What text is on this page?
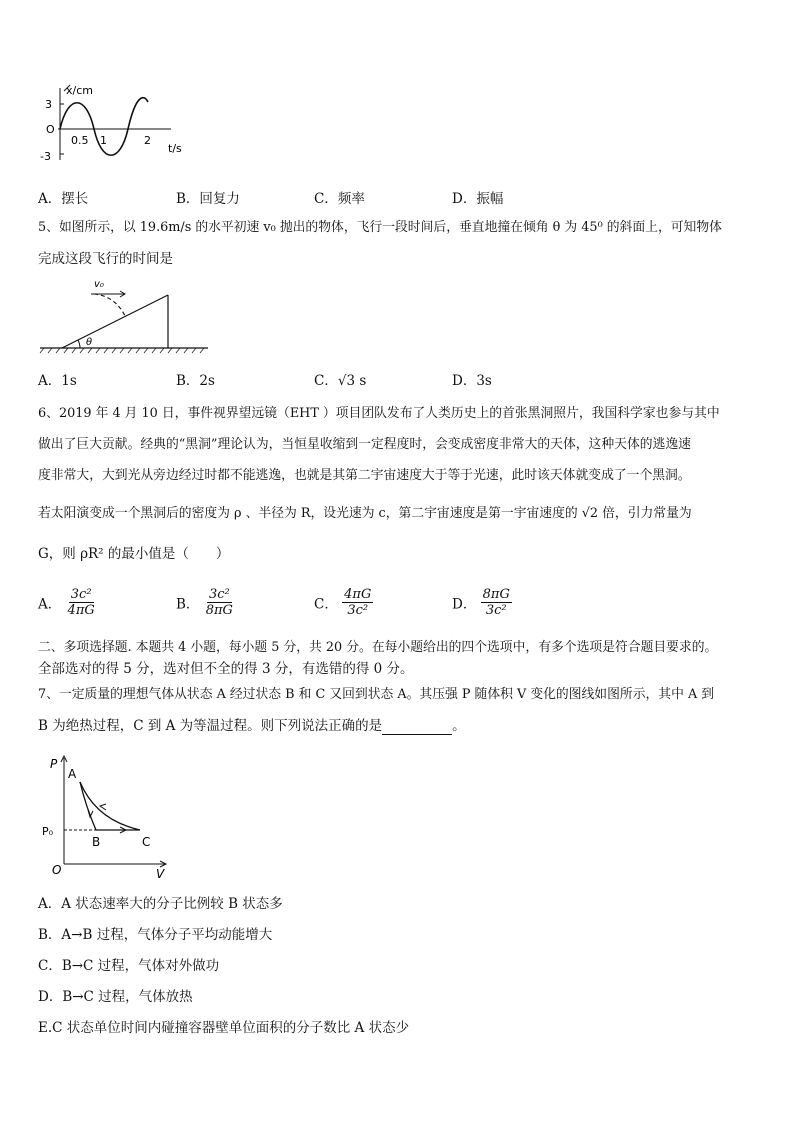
x/cm
3
O
-3
0.5 1	2
t/s
A．摆长	B．回复力	C．频率	D．振幅
5、如图所示，以 19.6m/s 的水平初速 v₀ 抛出的物体，飞行一段时间后，垂直地撞在倾角 θ 为 45⁰ 的斜面上，可知物体
完成这段飞行的时间是
v₀
θ
A．1s	B．2s	C．√3 s	D．3s
6、2019 年 4 月 10 日，事件视界望远镜（EHT ）项目团队发布了人类历史上的首张黑洞照片，我国科学家也参与其中
做出了巨大贡献。经典的“黑洞”理论认为，当恒星收缩到一定程度时，会变成密度非常大的天体，这种天体的逃逸速
度非常大，大到光从旁边经过时都不能逃逸，也就是其第二宇宙速度大于等于光速，此时该天体就变成了一个黑洞。
若太阳演变成一个黑洞后的密度为 ρ 、半径为 R，设光速为 c，第二宇宙速度是第一宇宙速度的 √2 倍，引力常量为
G，则 ρR² 的最小值是（　　）
A． $\frac{\text{3c²}}{4\pi G}$	B． $\frac{\text{3c²}}{8\pi G}$	C． $\frac{4\pi G}{\text{3c²}}$	D． $\frac{8\pi G}{\text{3c²}}$
二、多项选择题. 本题共 4 小题，每小题 5 分，共 20 分。在每小题给出的四个选项中，有多个选项是符合题目要求的。
全部选对的得 5 分，选对但不全的得 3 分，有选错的得 0 分。
7、一定质量的理想气体从状态 A 经过状态 B 和 C 又回到状态 A。其压强 P 随体积 V 变化的图线如图所示，其中 A 到
B 为绝热过程，C 到 A 为等温过程。则下列说法正确的是	。
P
V
O
P₀
A
B	C
A．A 状态速率大的分子比例较 B 状态多
B．A→B 过程，气体分子平均动能增大
C．B→C 过程，气体对外做功
D．B→C 过程，气体放热
E.C 状态单位时间内碰撞容器壁单位面积的分子数比 A 状态少
